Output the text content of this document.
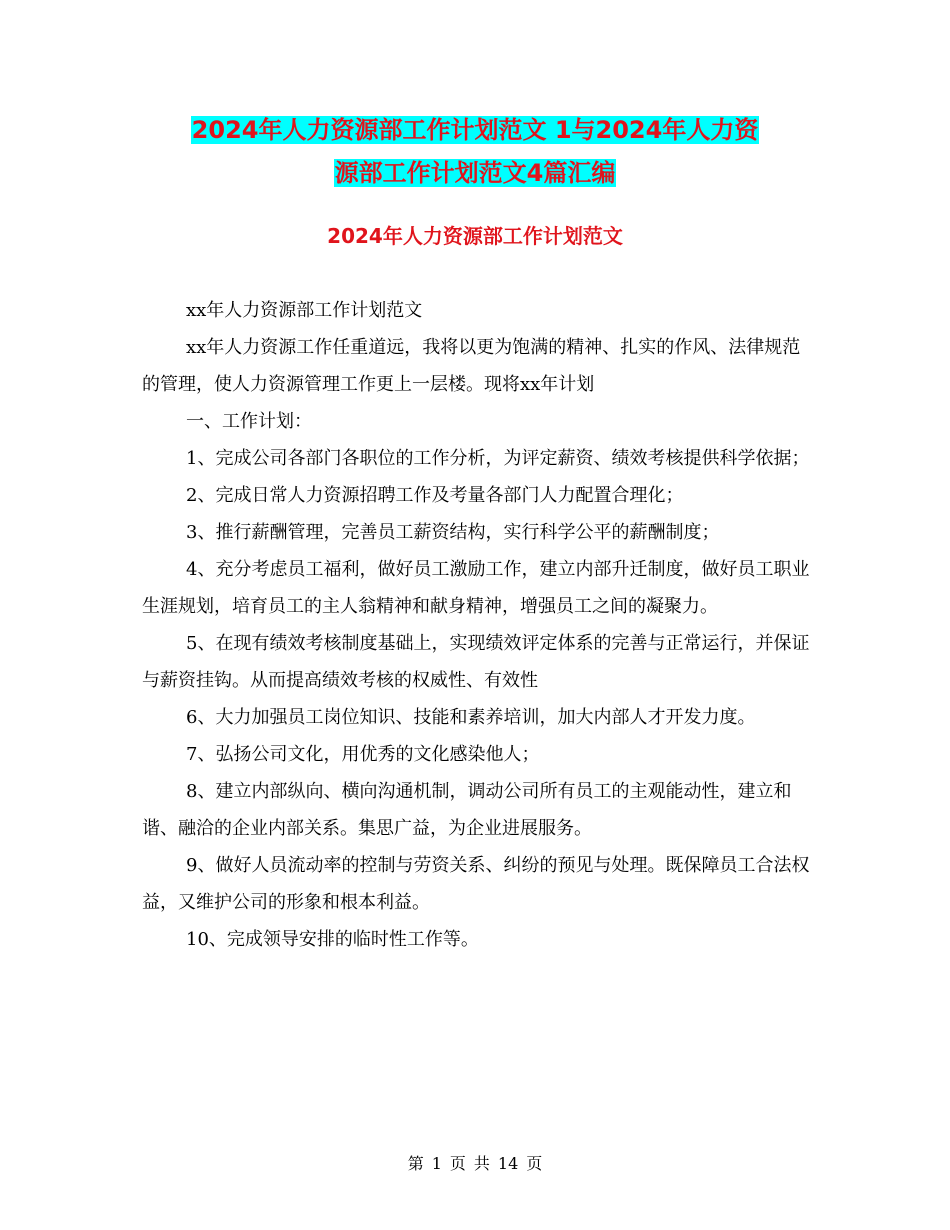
2024年人力资源部工作计划范文 1与2024年人力资
源部工作计划范文4篇汇编
2024年人力资源部工作计划范文

xx年人力资源部工作计划范文

xx年人力资源工作任重道远，我将以更为饱满的精神、扎实的作风、法律规范的管理，使人力资源管理工作更上一层楼。现将xx年计划

一、工作计划：

1、完成公司各部门各职位的工作分析，为评定薪资、绩效考核提供科学依据；

2、完成日常人力资源招聘工作及考量各部门人力配置合理化；

3、推行薪酬管理，完善员工薪资结构，实行科学公平的薪酬制度；

4、充分考虑员工福利，做好员工激励工作，建立内部升迁制度，做好员工职业生涯规划，培育员工的主人翁精神和献身精神，增强员工之间的凝聚力。

5、在现有绩效考核制度基础上，实现绩效评定体系的完善与正常运行，并保证与薪资挂钩。从而提高绩效考核的权威性、有效性

6、大力加强员工岗位知识、技能和素养培训，加大内部人才开发力度。

7、弘扬公司文化，用优秀的文化感染他人；

8、建立内部纵向、横向沟通机制，调动公司所有员工的主观能动性，建立和谐、融洽的企业内部关系。集思广益，为企业进展服务。

9、做好人员流动率的控制与劳资关系、纠纷的预见与处理。既保障员工合法权益，又维护公司的形象和根本利益。

10、完成领导安排的临时性工作等。

第 1 页 共 14 页
